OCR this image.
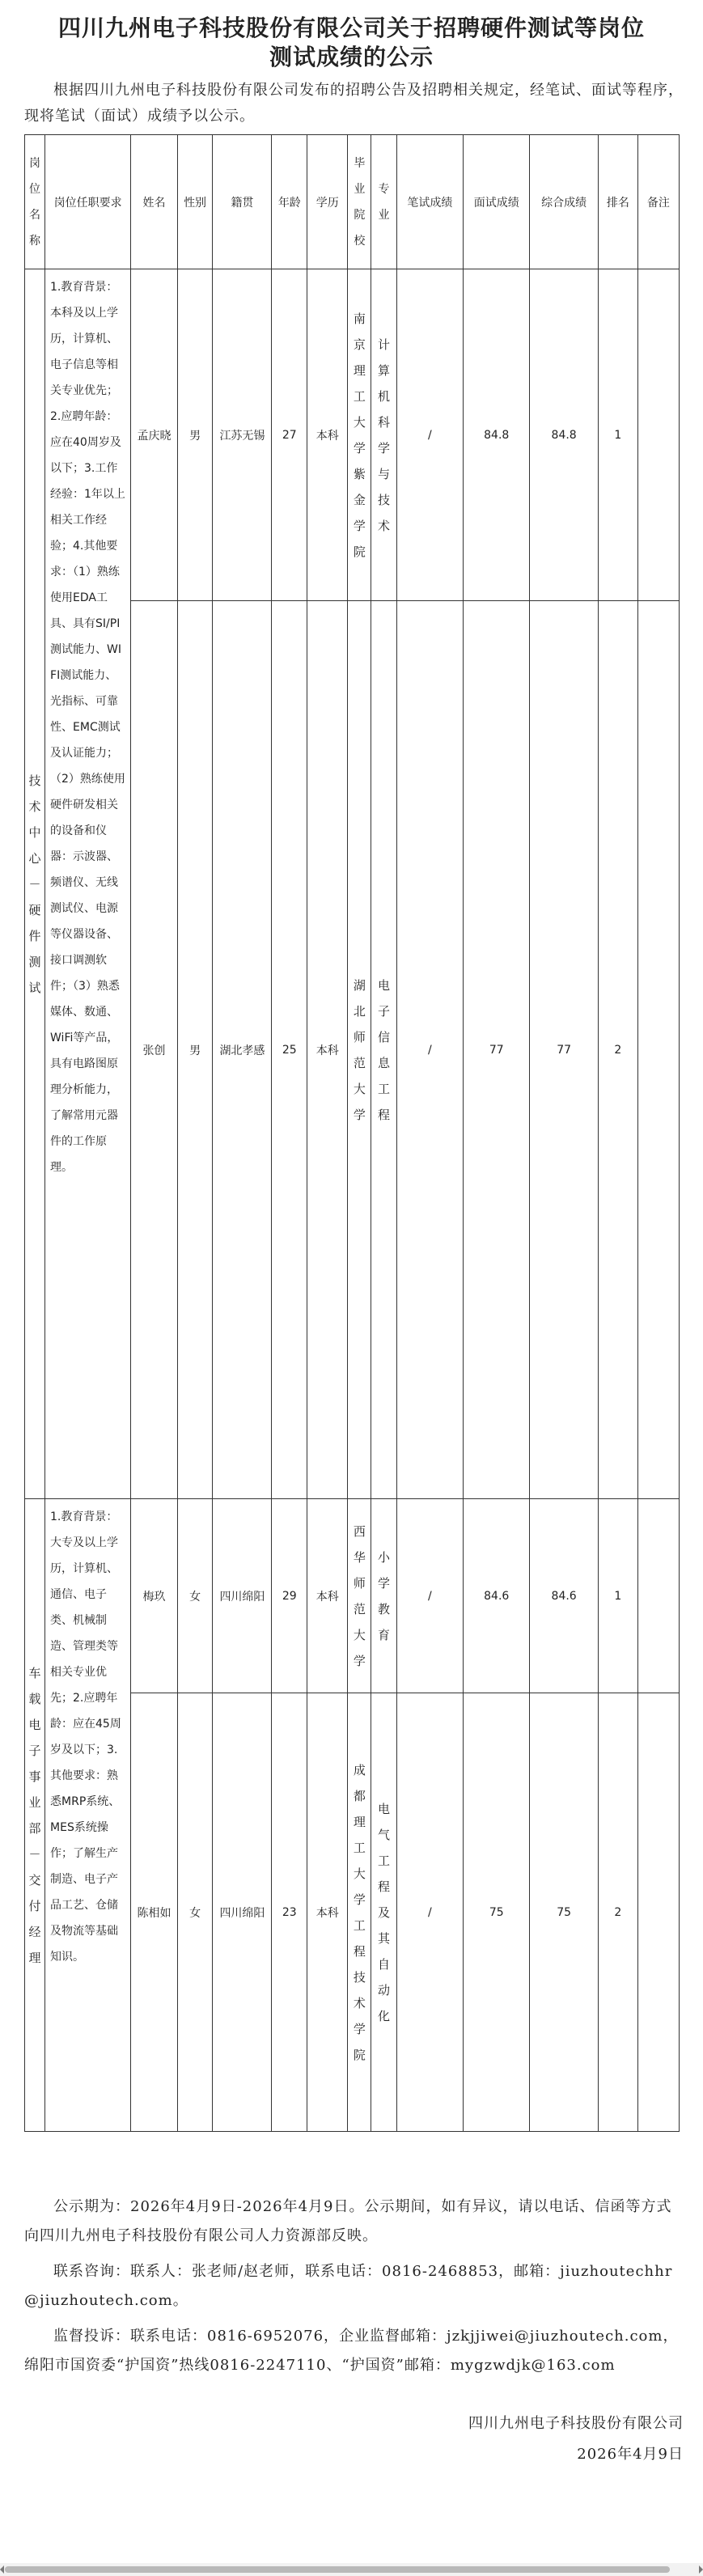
四川九州电子科技股份有限公司关于招聘硬件测试等岗位
测试成绩的公示
根据四川九州电子科技股份有限公司发布的招聘公告及招聘相关规定，经笔试、面试等程序，现将笔试（面试）成绩予以公示。
岗位名称	岗位任职要求	姓名	性别	籍贯	年龄	学历	毕业院校	专业	笔试成绩	面试成绩	综合成绩	排名	备注
技术中心－硬件测试	1.教育背景：本科及以上学历，计算机、电子信息等相关专业优先；2.应聘年龄：应在40周岁及以下；3.工作经验：1年以上相关工作经验；4.其他要求：（1）熟练使用EDA工具、具有SI/PI测试能力、WIFI测试能力、光指标、可靠性、EMC测试及认证能力；（2）熟练使用硬件研发相关的设备和仪器：示波器、频谱仪、无线测试仪、电源等仪器设备、接口调测软件；（3）熟悉媒体、数通、WiFi等产品，具有电路图原理分析能力，了解常用元器件的工作原理。	孟庆晓	男	江苏无锡	27	本科	南京理工大学紫金学院	计算机科学与技术	/	84.8	84.8	1	
		张创	男	湖北孝感	25	本科	湖北师范大学	电子信息工程	/	77	77	2	
车载电子事业部－交付经理	1.教育背景：大专及以上学历，计算机、通信、电子类、机械制造、管理类等相关专业优先；2.应聘年龄：应在45周岁及以下；3.其他要求：熟悉MRP系统、MES系统操作；了解生产制造、电子产品工艺、仓储及物流等基础知识。	梅玖	女	四川绵阳	29	本科	西华师范大学	小学教育	/	84.6	84.6	1	
		陈相如	女	四川绵阳	23	本科	成都理工大学工程技术学院	电气工程及其自动化	/	75	75	2	
公示期为：2026年4月9日-2026年4月9日。公示期间，如有异议，请以电话、信函等方式向四川九州电子科技股份有限公司人力资源部反映。
联系咨询：联系人：张老师/赵老师，联系电话：0816-2468853，邮箱：jiuzhoutechhr@jiuzhoutech.com。
监督投诉：联系电话：0816-6952076，企业监督邮箱：jzkjjiwei@jiuzhoutech.com，绵阳市国资委“护国资”热线0816-2247110、“护国资”邮箱：mygzwdjk@163.com
四川九州电子科技股份有限公司
2026年4月9日
